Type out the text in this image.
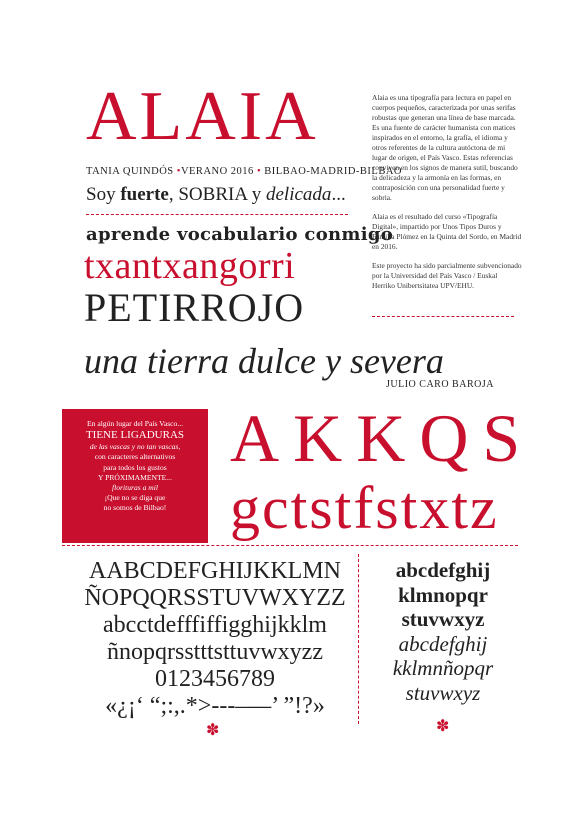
ALAIA
TANIA QUINDÓS •VERANO 2016 • BILBAO-MADRID-BILBAO
Soy fuerte, SOBRIA y delicada...

Alaia es una tipografía para lectura en papel en cuerpos pequeños, caracterizada por unas serifas robustas que generan una línea de base marcada. Es una fuente de carácter humanista con matices inspirados en el entorno, la grafía, el idioma y otros referentes de la cultura autóctona de mi lugar de origen, el País Vasco. Estas referencias conviven en los signos de manera sutil, buscando la delicadeza y la armonía en las formas, en contraposición con una personalidad fuerte y sobria.

Alaia es el resultado del curso «Tipografía Digital», impartido por Unos Tipos Duros y Familia Plómez en la Quinta del Sordo, en Madrid en 2016.

Este proyecto ha sido parcialmente subvencionado por la Universidad del País Vasco / Euskal Herriko Unibertsitatea UPV/EHU.

aprende vocabulario conmigo
txantxangorri
PETIRROJO
una tierra dulce y severa
JULIO CARO BAROJA
En algún lugar del País Vasco...
TIENE LIGADURAS
de las vascas y no tan vascas,
con caracteres alternativos
para todos los gustos
Y PRÓXIMAMENTE...
florituras a mil
¡Que no se diga que
no somos de Bilbao!
AKKQS
gctstfstxtz
AABCDEFGHIJKKLMN
ÑOPQQRSSTUVWXYZZ
abcctdefffiffigghijkklm
ñnopqrsstttsttuvwxyzz
0123456789
«¿¡‘ “;:,.*>---–—’ ”!?»
✽
abcdefghij
klmnopqr
stuvwxyz
abcdefghij
kklmnñopqr
stuvwxyz
✽
